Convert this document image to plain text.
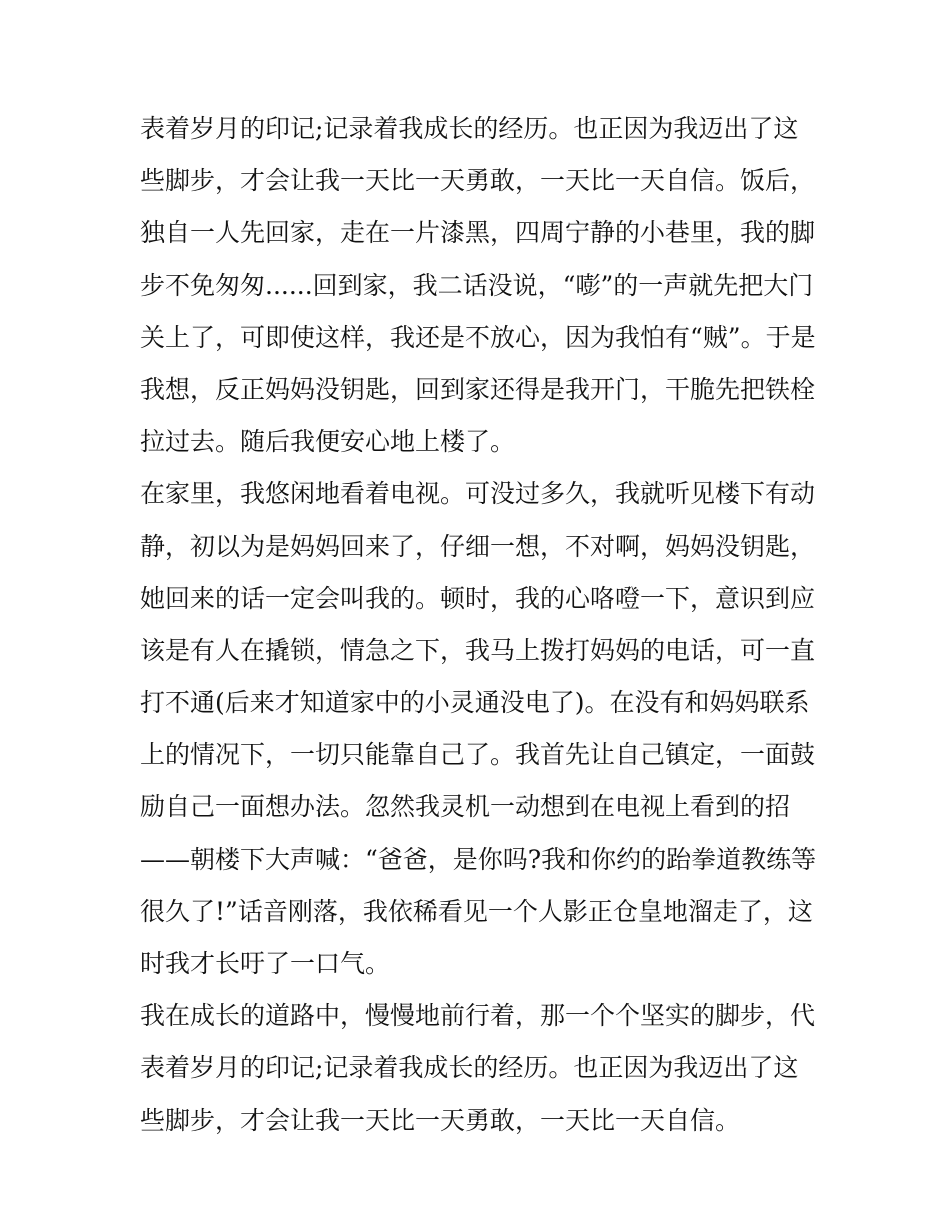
表着岁月的印记;记录着我成长的经历。也正因为我迈出了这
些脚步，才会让我一天比一天勇敢，一天比一天自信。饭后，
独自一人先回家，走在一片漆黑，四周宁静的小巷里，我的脚
步不免匆匆......回到家，我二话没说，“嘭”的一声就先把大门
关上了，可即使这样，我还是不放心，因为我怕有“贼”。于是
我想，反正妈妈没钥匙，回到家还得是我开门，干脆先把铁栓
拉过去。随后我便安心地上楼了。
在家里，我悠闲地看着电视。可没过多久，我就听见楼下有动
静，初以为是妈妈回来了，仔细一想，不对啊，妈妈没钥匙，
她回来的话一定会叫我的。顿时，我的心咯噔一下，意识到应
该是有人在撬锁，情急之下，我马上拨打妈妈的电话，可一直
打不通(后来才知道家中的小灵通没电了)。在没有和妈妈联系
上的情况下，一切只能靠自己了。我首先让自己镇定，一面鼓
励自己一面想办法。忽然我灵机一动想到在电视上看到的招
——朝楼下大声喊：“爸爸，是你吗?我和你约的跆拳道教练等
很久了!”话音刚落，我依稀看见一个人影正仓皇地溜走了，这
时我才长吁了一口气。
我在成长的道路中，慢慢地前行着，那一个个坚实的脚步，代
表着岁月的印记;记录着我成长的经历。也正因为我迈出了这
些脚步，才会让我一天比一天勇敢，一天比一天自信。
